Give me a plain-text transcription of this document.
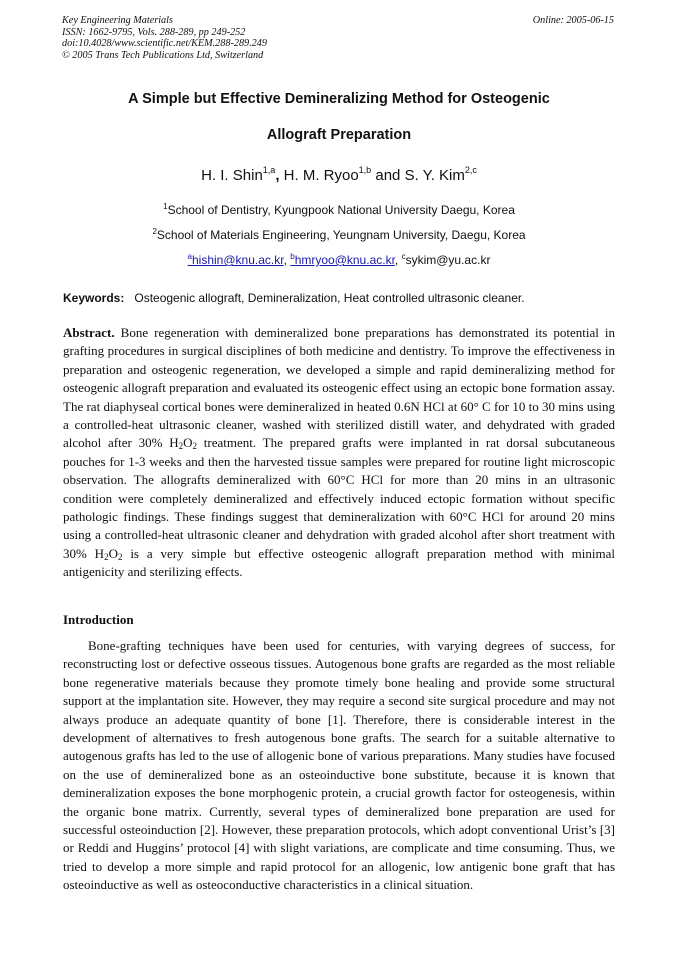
Key Engineering Materials
ISSN: 1662-9795, Vols. 288-289, pp 249-252
doi:10.4028/www.scientific.net/KEM.288-289.249
© 2005 Trans Tech Publications Ltd, Switzerland
Online: 2005-06-15
A Simple but Effective Demineralizing Method for Osteogenic
Allograft Preparation
H. I. Shin$^{1,a}$, H. M. Ryoo$^{1,b}$ and S. Y. Kim$^{2,c}$
$^1$School of Dentistry, Kyungpook National University Daegu, Korea
$^2$School of Materials Engineering, Yeungnam University, Daegu, Korea
$^a$hishin@knu.ac.kr, $^b$hmryoo@knu.ac.kr, $^c$sykim@yu.ac.kr
Keywords: Osteogenic allograft, Demineralization, Heat controlled ultrasonic cleaner.

Abstract. Bone regeneration with demineralized bone preparations has demonstrated its potential in grafting procedures in surgical disciplines of both medicine and dentistry. To improve the effectiveness in preparation and osteogenic regeneration, we developed a simple and rapid demineralizing method for osteogenic allograft preparation and evaluated its osteogenic effect using an ectopic bone formation assay. The rat diaphyseal cortical bones were demineralized in heated 0.6N HCl at 60° C for 10 to 30 mins using a controlled-heat ultrasonic cleaner, washed with sterilized distill water, and dehydrated with graded alcohol after 30% $H_2O_2$ treatment. The prepared grafts were implanted in rat dorsal subcutaneous pouches for 1-3 weeks and then the harvested tissue samples were prepared for routine light microscopic observation. The allografts demineralized with 60°C HCl for more than 20 mins in an ultrasonic condition were completely demineralized and effectively induced ectopic formation without specific pathologic findings. These findings suggest that demineralization with 60°C HCl for around 20 mins using a controlled-heat ultrasonic cleaner and dehydration with graded alcohol after short treatment with 30% $H_2O_2$ is a very simple but effective osteogenic allograft preparation method with minimal antigenicity and sterilizing effects.

Introduction

Bone-grafting techniques have been used for centuries, with varying degrees of success, for reconstructing lost or defective osseous tissues. Autogenous bone grafts are regarded as the most reliable bone regenerative materials because they promote timely bone healing and provide some structural support at the implantation site. However, they may require a second site surgical procedure and may not always produce an adequate quantity of bone [1]. Therefore, there is considerable interest in the development of alternatives to fresh autogenous bone grafts. The search for a suitable alternative to autogenous grafts has led to the use of allogenic bone of various preparations. Many studies have focused on the use of demineralized bone as an osteoinductive bone substitute, because it is known that demineralization exposes the bone morphogenic protein, a crucial growth factor for osteogenesis, within the organic bone matrix. Currently, several types of demineralized bone preparation are used for successful osteoinduction [2]. However, these preparation protocols, which adopt conventional Urist’s [3] or Reddi and Huggins’ protocol [4] with slight variations, are complicate and time consuming. Thus, we tried to develop a more simple and rapid protocol for an allogenic, low antigenic bone graft that has osteoinductive as well as osteoconductive characteristics in a clinical situation.
